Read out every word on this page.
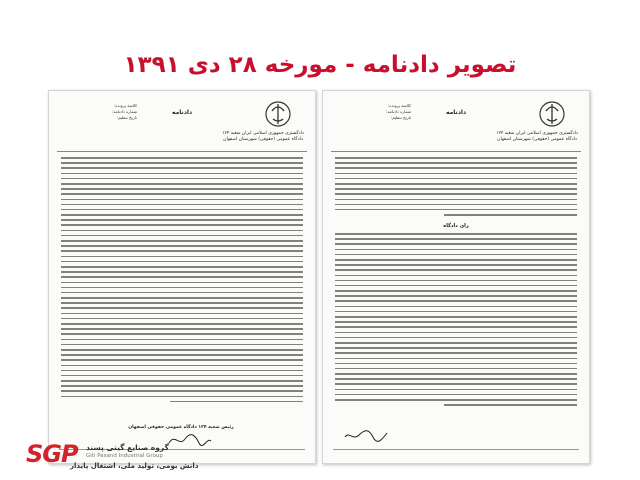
تصویر دادنامه - مورخه ۲۸ دی ۱۳۹۱
دادگستری جمهوری اسلامی ایران شعبه ۱۲۴ دادگاه عمومی (حقوقی) شهرستان اصفهان
کلاسه پرونده:
شماره دادنامه:
تاریخ تنظیم:
دادنامه
رئیس شعبه ۱۲۴ دادگاه عمومی حقوقی اصفهان
دادگستری جمهوری اسلامی ایران شعبه ۱۲۴ دادگاه عمومی (حقوقی) شهرستان اصفهان
کلاسه پرونده:
شماره دادنامه:
تاریخ تنظیم:
دادنامه
رای دادگاه
SGP گروه صنایع گیتی پسند
Giti Pasand Industrial Group
دانش بومی، تولید ملی، اشتغال پایدار
